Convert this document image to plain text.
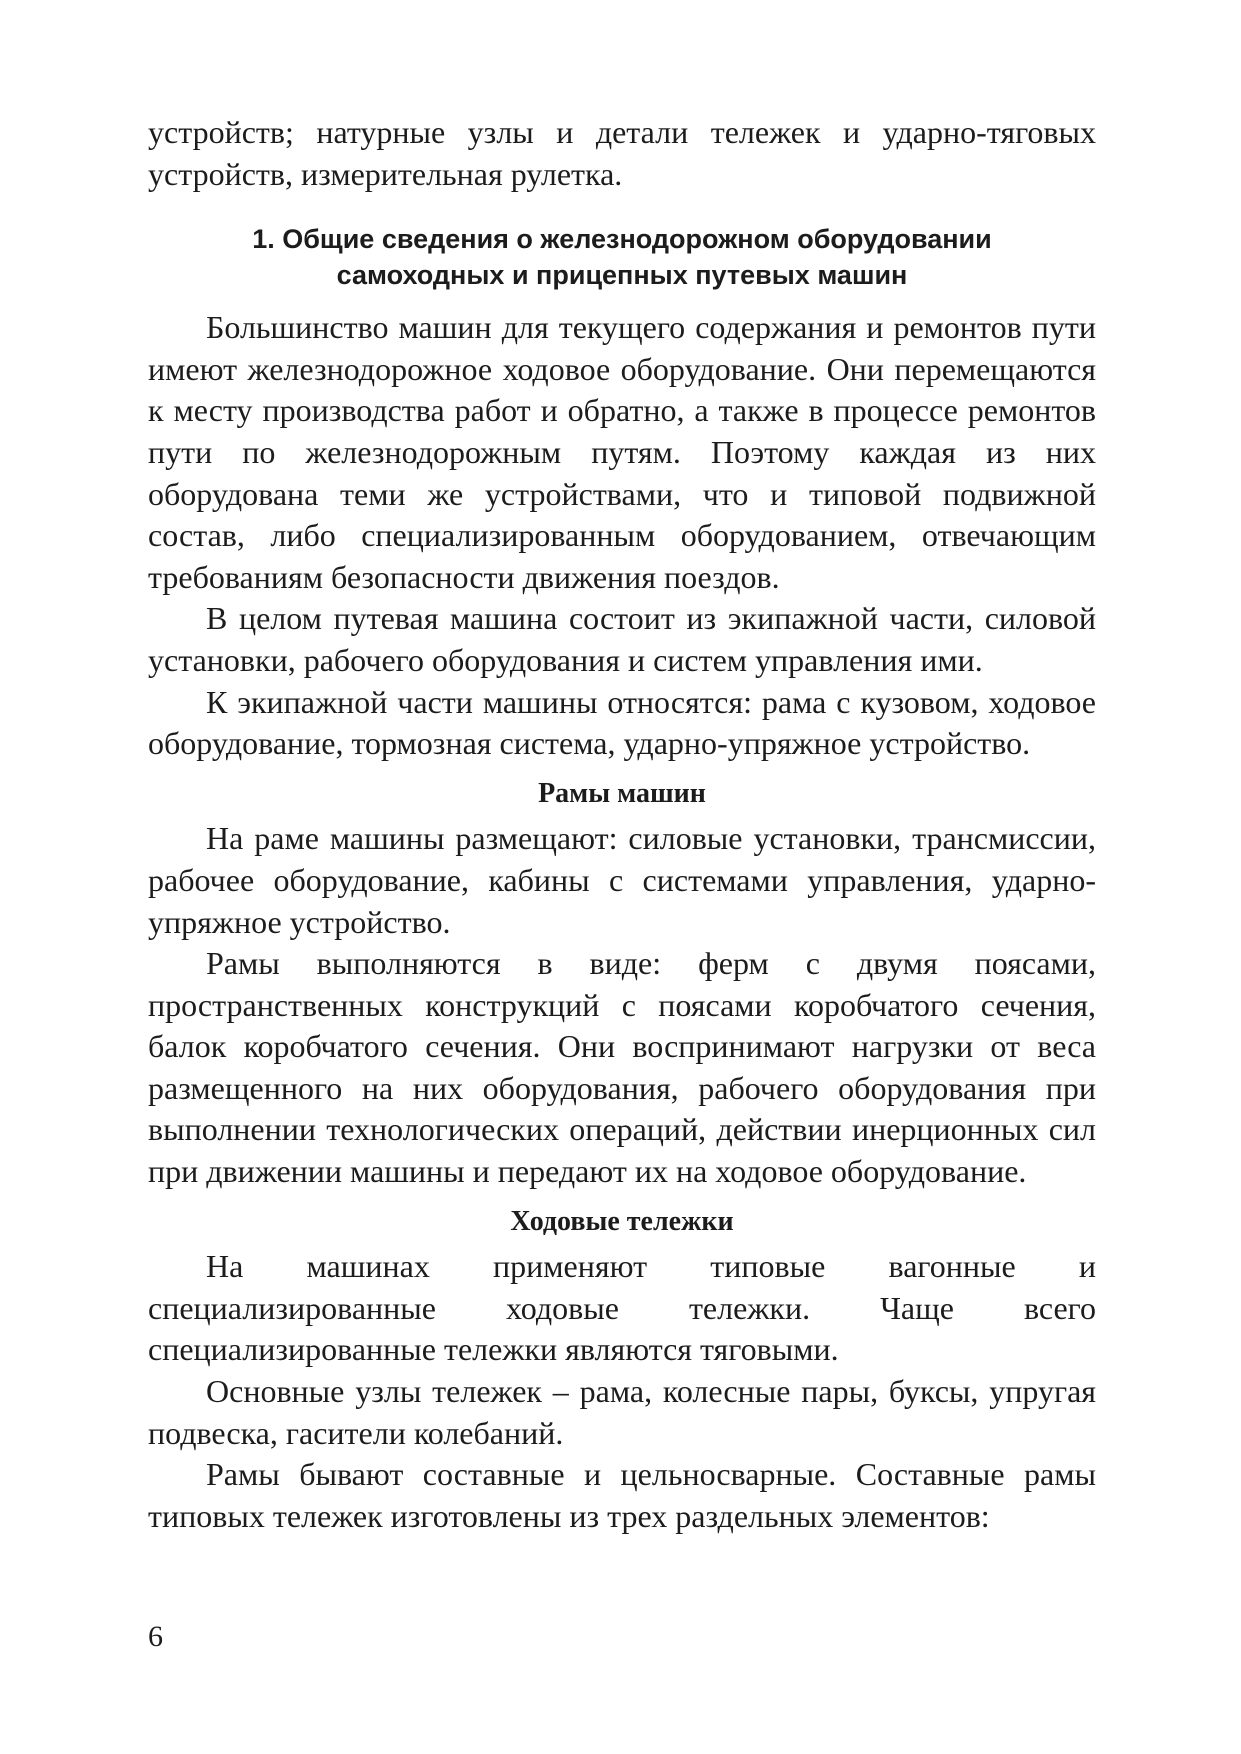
устройств; натурные узлы и детали тележек и ударно-тяговых устройств, измерительная рулетка.

1. Общие сведения о железнодорожном оборудовании
самоходных и прицепных путевых машин

Большинство машин для текущего содержания и ремонтов пути имеют железнодорожное ходовое оборудование. Они перемещаются к месту производства работ и обратно, а также в процессе ремонтов пути по железнодорожным путям. Поэтому каждая из них оборудована теми же устройствами, что и типовой подвижной состав, либо специализированным оборудованием, отвечающим требованиям безопасности движения поездов.

В целом путевая машина состоит из экипажной части, силовой установки, рабочего оборудования и систем управления ими.

К экипажной части машины относятся: рама с кузовом, ходовое оборудование, тормозная система, ударно-упряжное устройство.

Рамы машин

На раме машины размещают: силовые установки, трансмиссии, рабочее оборудование, кабины с системами управления, ударно-упряжное устройство.

Рамы выполняются в виде: ферм с двумя поясами, пространственных конструкций с поясами коробчатого сечения, балок коробчатого сечения. Они воспринимают нагрузки от веса размещенного на них оборудования, рабочего оборудования при выполнении технологических операций, действии инерционных сил при движении машины и передают их на ходовое оборудование.

Ходовые тележки

На машинах применяют типовые вагонные и специализированные ходовые тележки. Чаще всего специализированные тележки являются тяговыми.

Основные узлы тележек – рама, колесные пары, буксы, упругая подвеска, гасители колебаний.

Рамы бывают составные и цельносварные. Составные рамы типовых тележек изготовлены из трех раздельных элементов:

6
